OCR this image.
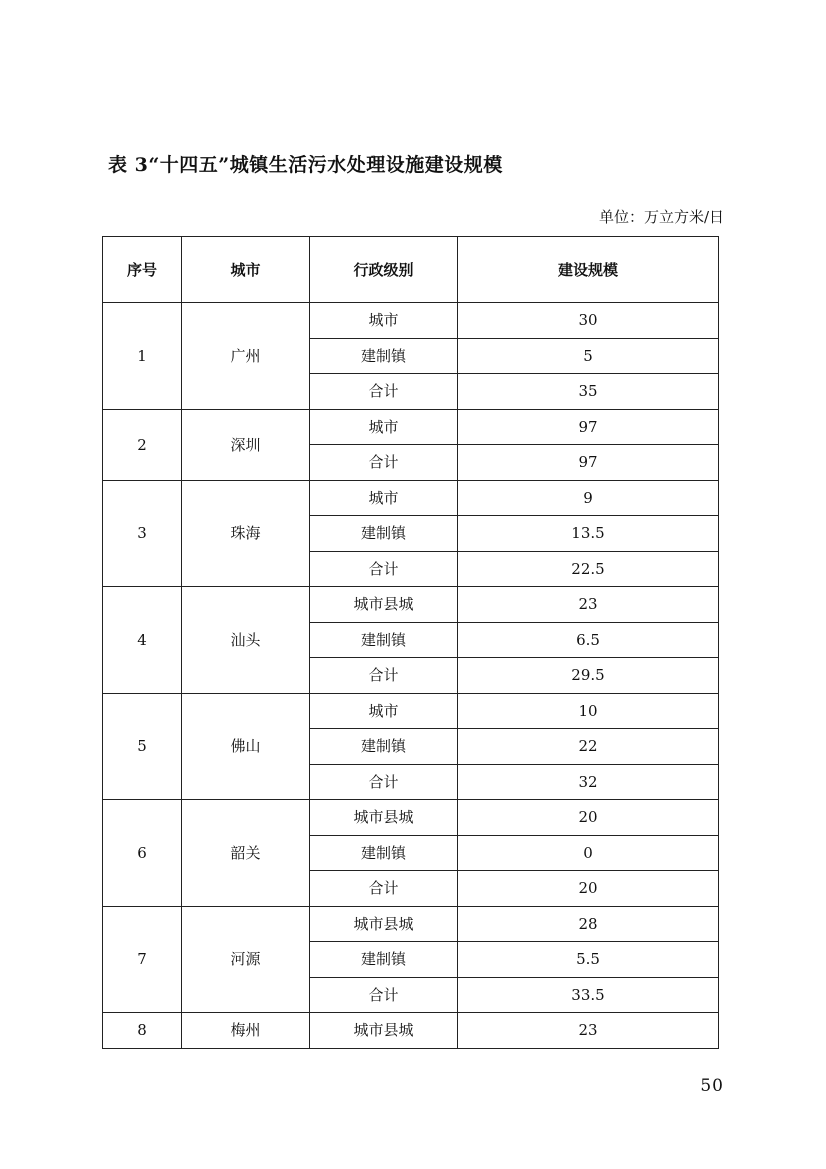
表 3“十四五”城镇生活污水处理设施建设规模
单位：万立方米/日
序号	城市	行政级别	建设规模
1	广州	城市	30
		建制镇	5
		合计	35
2	深圳	城市	97
		合计	97
3	珠海	城市	9
		建制镇	13.5
		合计	22.5
4	汕头	城市县城	23
		建制镇	6.5
		合计	29.5
5	佛山	城市	10
		建制镇	22
		合计	32
6	韶关	城市县城	20
		建制镇	0
		合计	20
7	河源	城市县城	28
		建制镇	5.5
		合计	33.5
8	梅州	城市县城	23
50
